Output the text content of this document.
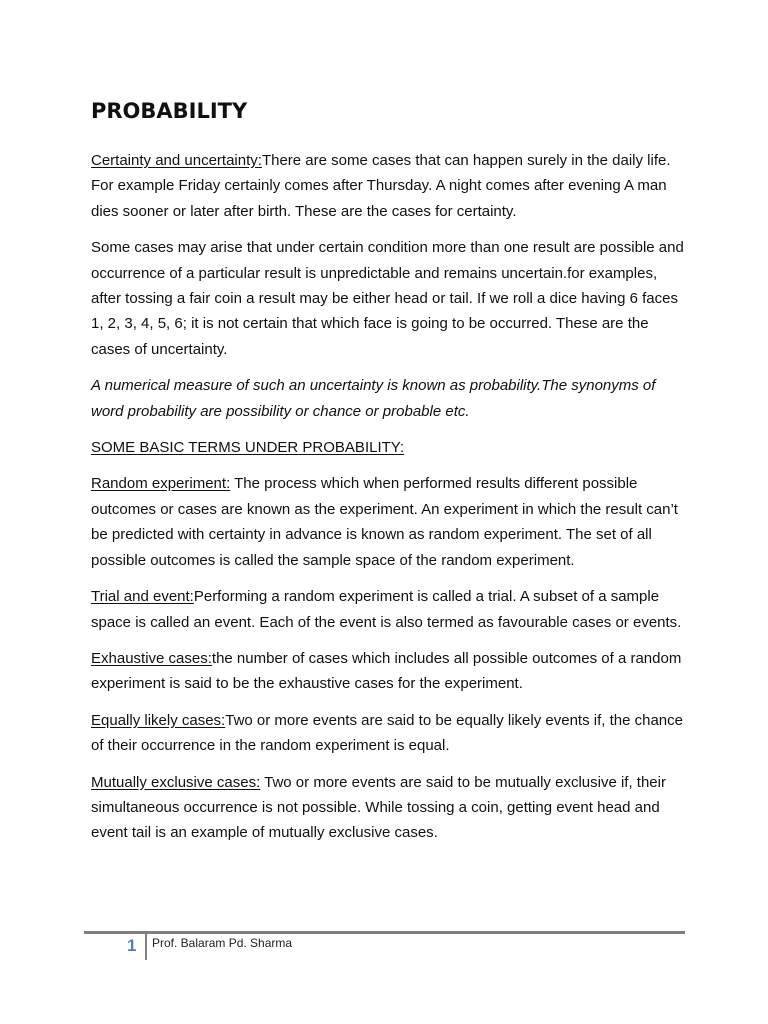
PROBABILITY

Certainty and uncertainty:There are some cases that can happen surely in the daily life. For example Friday certainly comes after Thursday. A night comes after evening A man dies sooner or later after birth. These are the cases for certainty.

Some cases may arise that under certain condition more than one result are possible and occurrence of a particular result is unpredictable and remains uncertain.for examples, after tossing a fair coin a result may be either head or tail. If we roll a dice having 6 faces 1, 2, 3, 4, 5, 6; it is not certain that which face is going to be occurred. These are the cases of uncertainty.

A numerical measure of such an uncertainty is known as probability.The synonyms of word probability are possibility or chance or probable etc.

SOME BASIC TERMS UNDER PROBABILITY:

Random experiment: The process which when performed results different possible outcomes or cases are known as the experiment. An experiment in which the result can’t be predicted with certainty in advance is known as random experiment. The set of all possible outcomes is called the sample space of the random experiment.

Trial and event:Performing a random experiment is called a trial. A subset of a sample space is called an event. Each of the event is also termed as favourable cases or events.

Exhaustive cases:the number of cases which includes all possible outcomes of a random experiment is said to be the exhaustive cases for the experiment.

Equally likely cases:Two or more events are said to be equally likely events if, the chance of their occurrence in the random experiment is equal.

Mutually exclusive cases: Two or more events are said to be mutually exclusive if, their simultaneous occurrence is not possible. While tossing a coin, getting event head and event tail is an example of mutually exclusive cases.

1 Prof. Balaram Pd. Sharma
